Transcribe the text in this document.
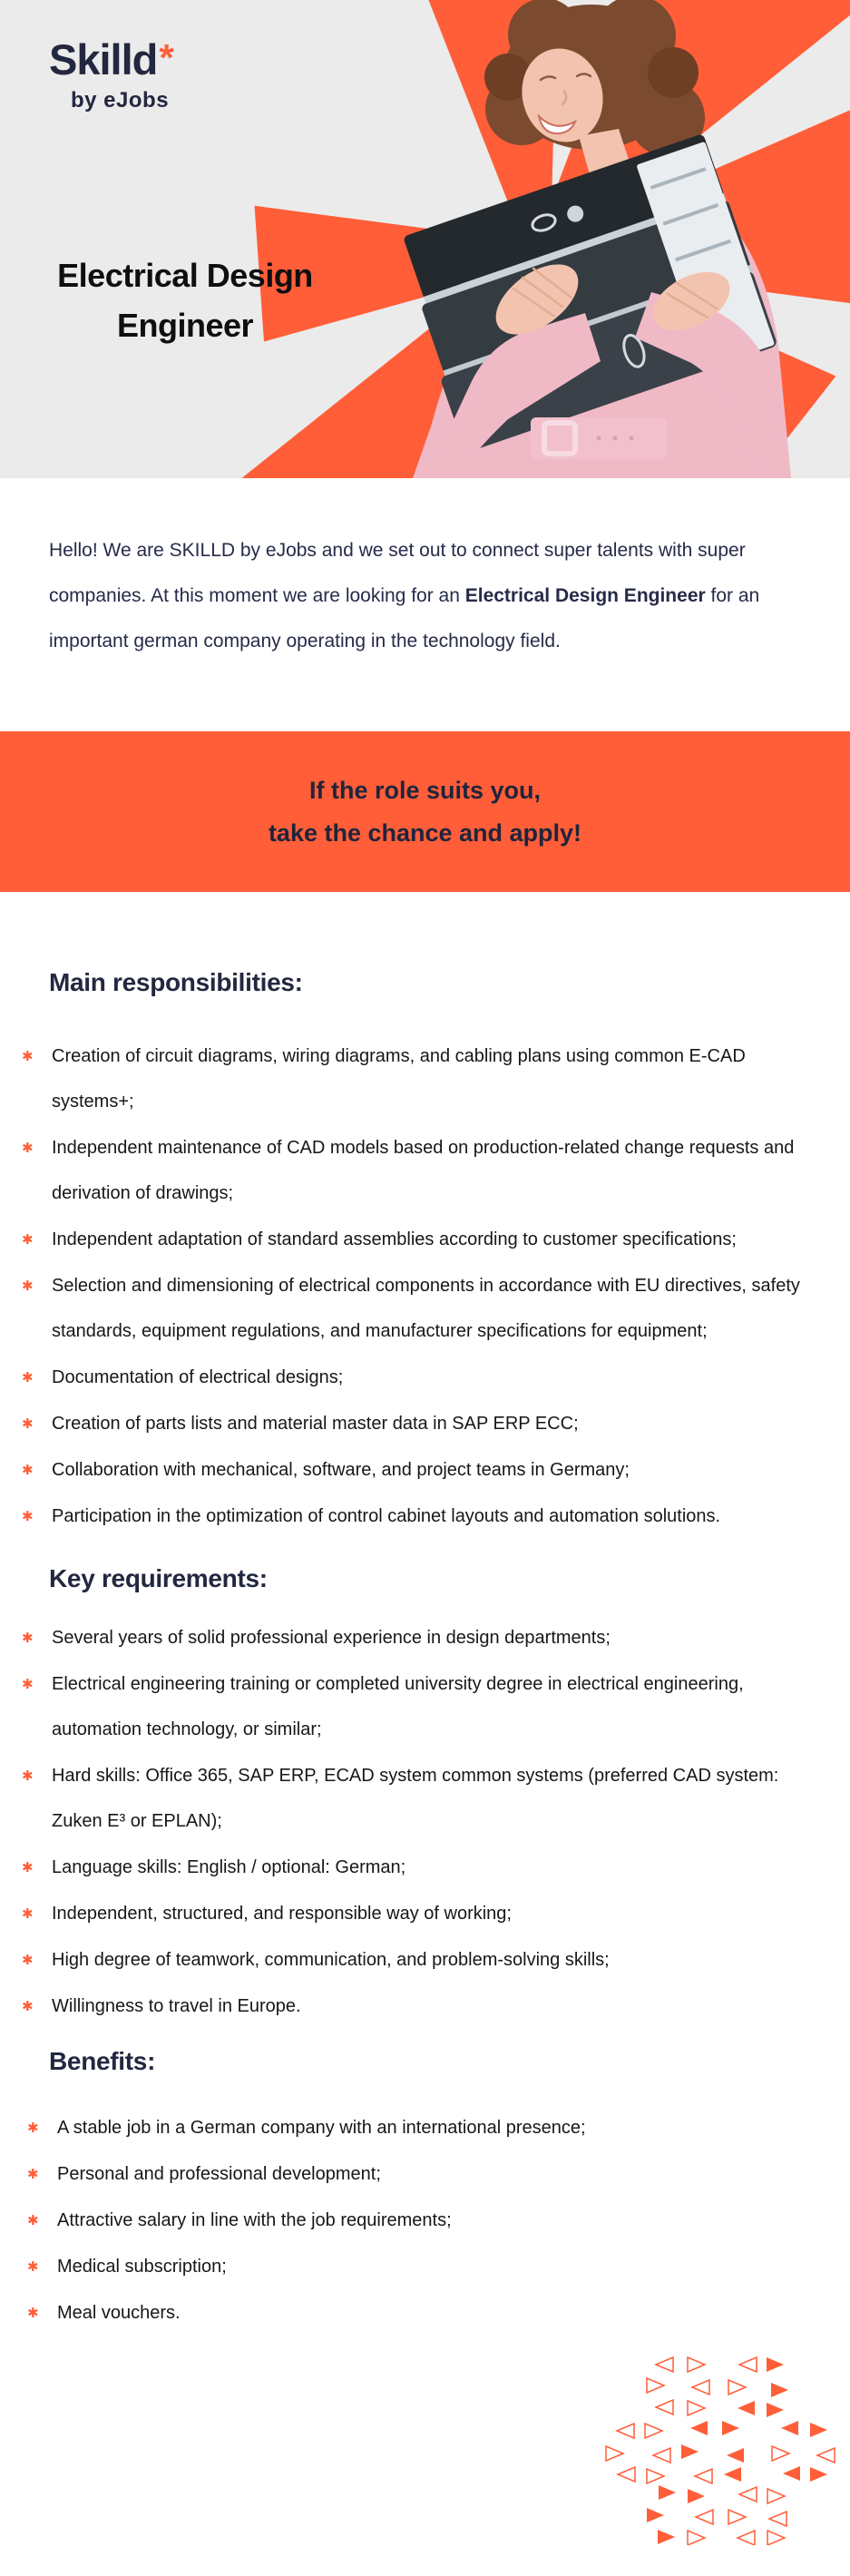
Skilld*
by eJobs
Electrical Design
Engineer

Hello! We are SKILLD by eJobs and we set out to connect super talents with super companies. At this moment we are looking for an Electrical Design Engineer for an important german company operating in the technology field.

If the role suits you,
take the chance and apply!
Main responsibilities:
✱	Creation of circuit diagrams, wiring diagrams, and cabling plans using common E-CAD systems+;
✱	Independent maintenance of CAD models based on production-related change requests and derivation of drawings;
✱	Independent adaptation of standard assemblies according to customer specifications;
✱	Selection and dimensioning of electrical components in accordance with EU directives, safety standards, equipment regulations, and manufacturer specifications for equipment;
✱	Documentation of electrical designs;
✱	Creation of parts lists and material master data in SAP ERP ECC;
✱	Collaboration with mechanical, software, and project teams in Germany;
✱	Participation in the optimization of control cabinet layouts and automation solutions.
Key requirements:
✱	Several years of solid professional experience in design departments;
✱	Electrical engineering training or completed university degree in electrical engineering, automation technology, or similar;
✱	Hard skills: Office 365, SAP ERP, ECAD system common systems (preferred CAD system: Zuken E³ or EPLAN);
✱	Language skills: English / optional: German;
✱	Independent, structured, and responsible way of working;
✱	High degree of teamwork, communication, and problem-solving skills;
✱	Willingness to travel in Europe.
Benefits:
✱	A stable job in a German company with an international presence;
✱	Personal and professional development;
✱	Attractive salary in line with the job requirements;
✱	Medical subscription;
✱	Meal vouchers.
